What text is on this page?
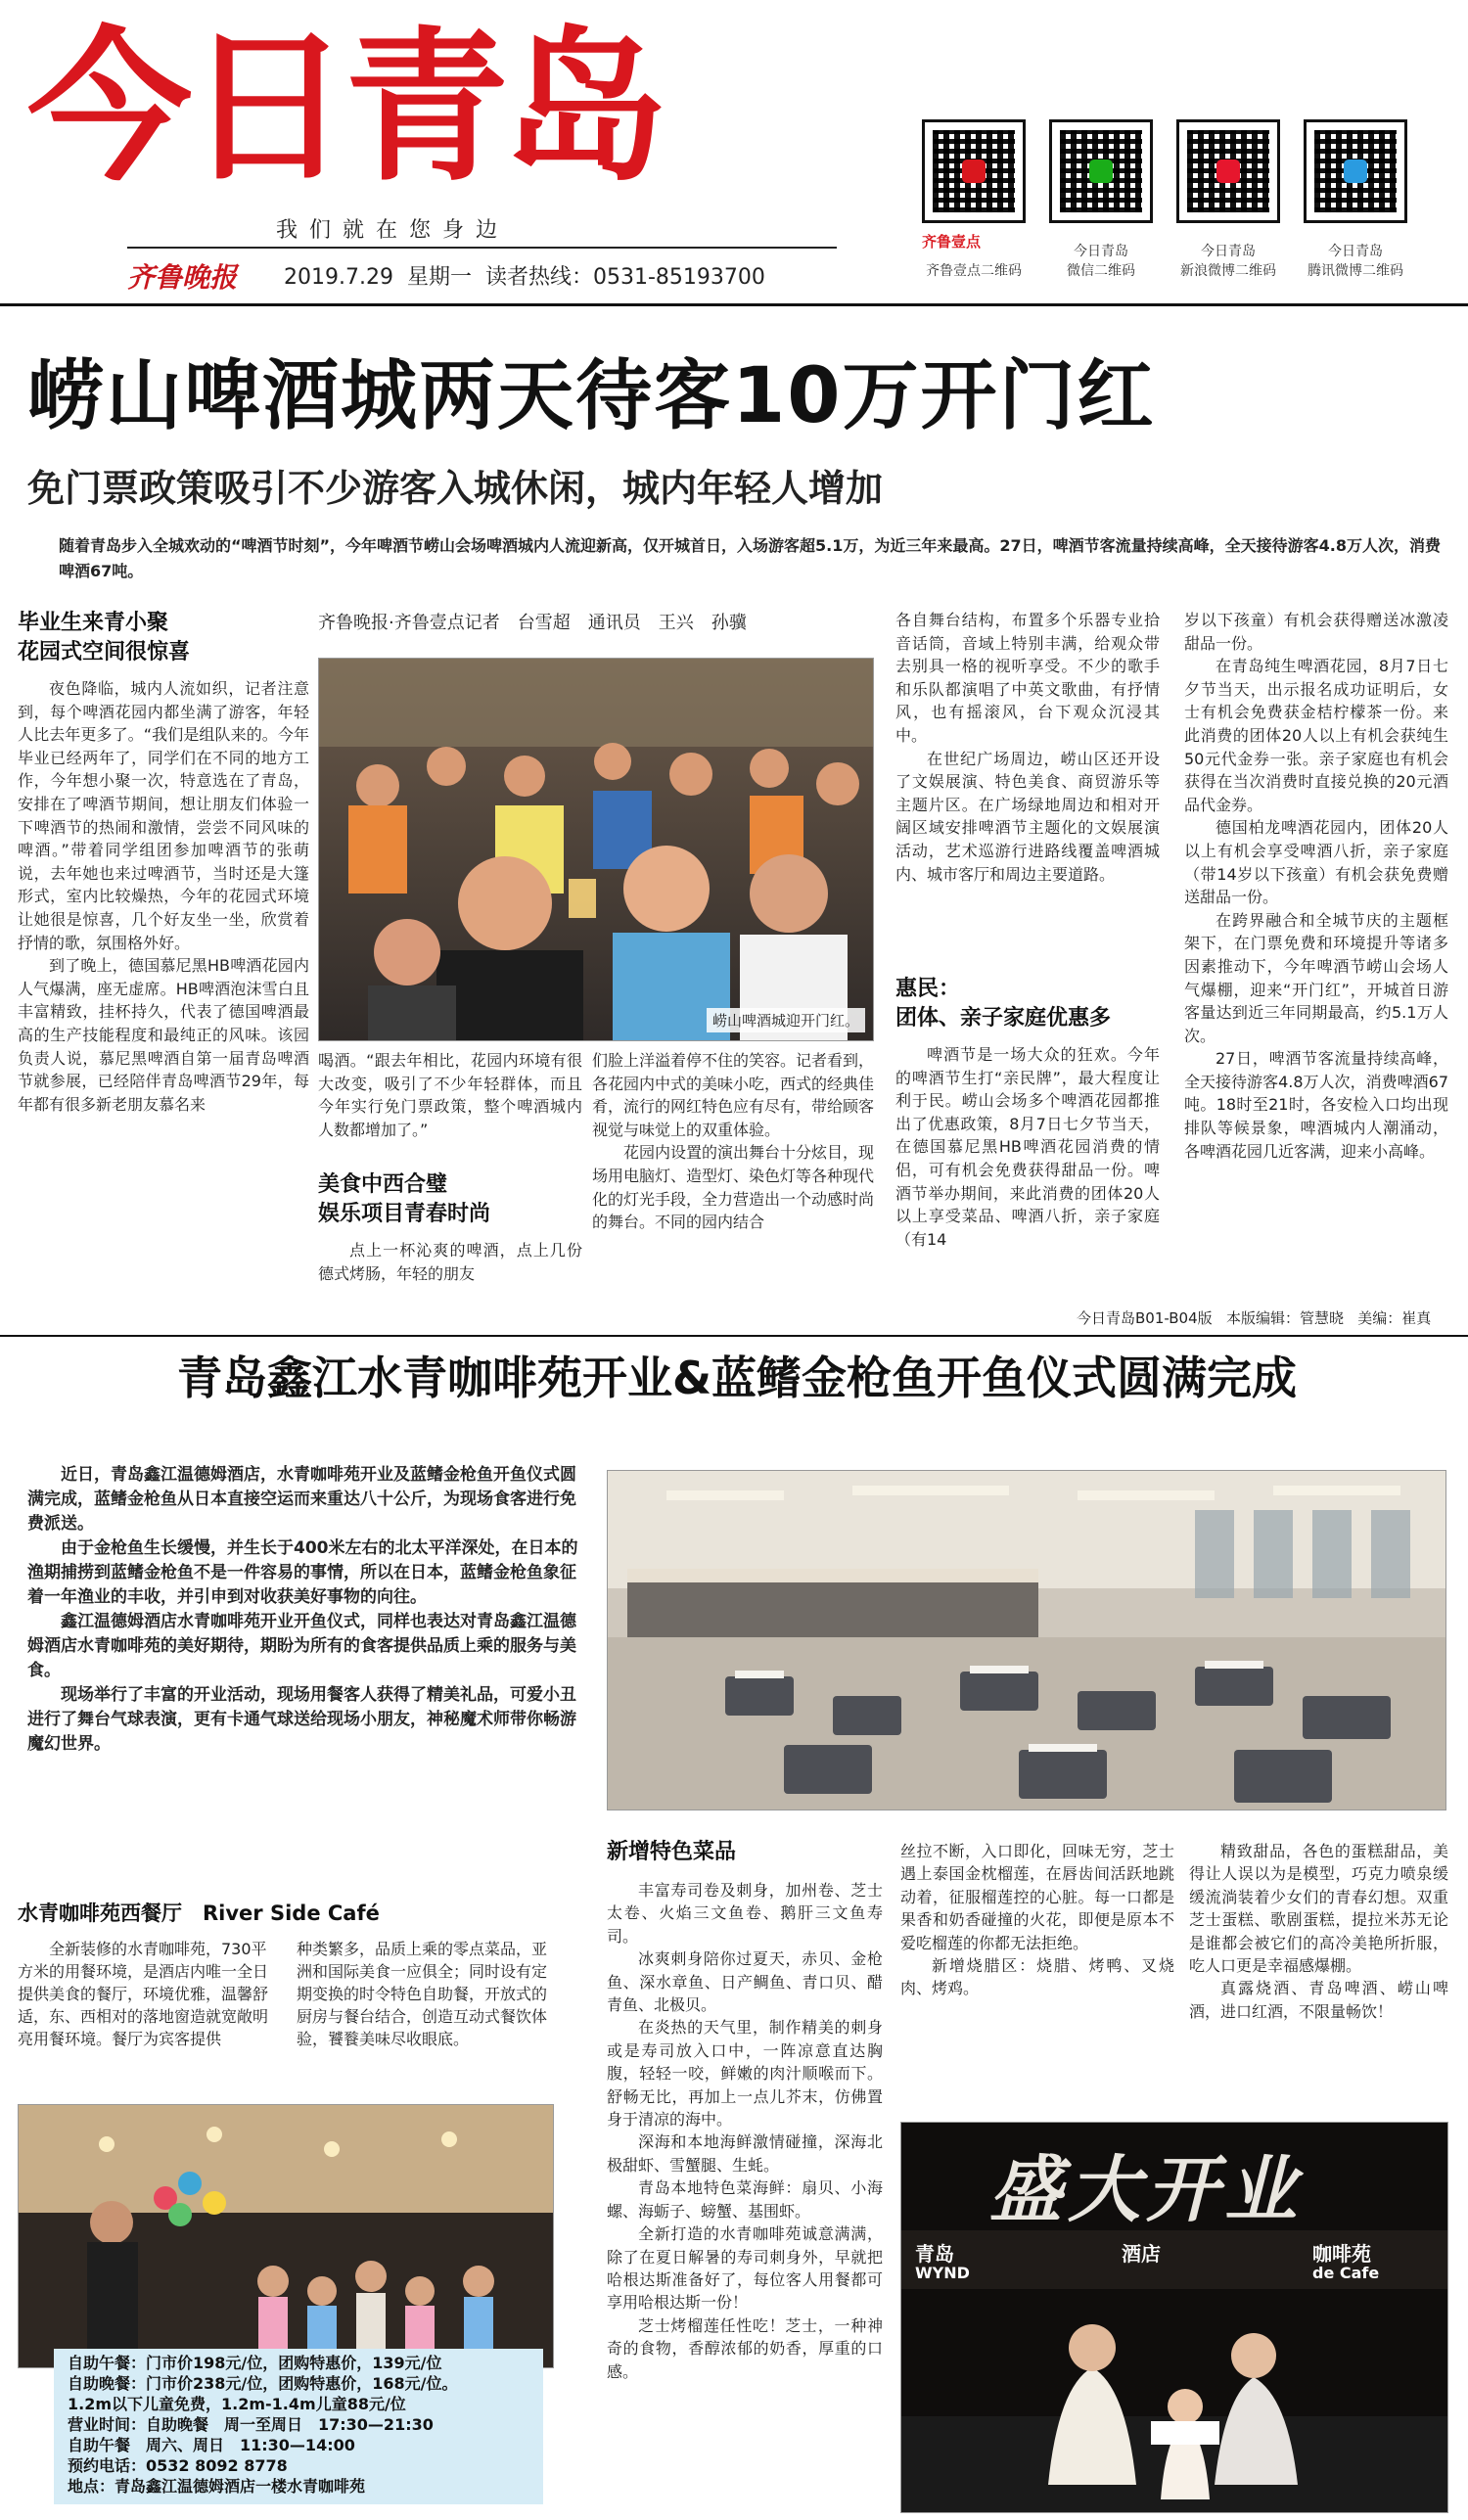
今日青岛
我们就在您身边
齐鲁晚报 2019.7.29 星期一 读者热线：0531-85193700
齐鲁壹点
齐鲁壹点二维码
今日青岛
微信二维码
今日青岛
新浪微博二维码
今日青岛
腾讯微博二维码
崂山啤酒城两天待客10万开门红
免门票政策吸引不少游客入城休闲，城内年轻人增加
随着青岛步入全城欢动的“啤酒节时刻”，今年啤酒节崂山会场啤酒城内人流迎新高，仅开城首日，入场游客超5.1万，为近三年来最高。27日，啤酒节客流量持续高峰，全天接待游客4.8万人次，消费啤酒67吨。
毕业生来青小聚
花园式空间很惊喜

夜色降临，城内人流如织，记者注意到，每个啤酒花园内都坐满了游客，年轻人比去年更多了。“我们是组队来的。今年毕业已经两年了，同学们在不同的地方工作，今年想小聚一次，特意选在了青岛，安排在了啤酒节期间，想让朋友们体验一下啤酒节的热闹和激情，尝尝不同风味的啤酒。”带着同学组团参加啤酒节的张萌说，去年她也来过啤酒节，当时还是大篷形式，室内比较燥热，今年的花园式环境让她很是惊喜，几个好友坐一坐，欣赏着抒情的歌，氛围格外好。

到了晚上，德国慕尼黑HB啤酒花园内人气爆满，座无虚席。HB啤酒泡沫雪白且丰富精致，挂杯持久，代表了德国啤酒最高的生产技能程度和最纯正的风味。该园负责人说，慕尼黑啤酒自第一届青岛啤酒节就参展，已经陪伴青岛啤酒节29年，每年都有很多新老朋友慕名来

齐鲁晚报·齐鲁壹点记者　台雪超　通讯员　王兴　孙骥
崂山啤酒城迎开门红。

喝酒。“跟去年相比，花园内环境有很大改变，吸引了不少年轻群体，而且今年实行免门票政策，整个啤酒城内人数都增加了。”

美食中西合璧
娱乐项目青春时尚

点上一杯沁爽的啤酒，点上几份德式烤肠，年轻的朋友

们脸上洋溢着停不住的笑容。记者看到，各花园内中式的美味小吃，西式的经典佳肴，流行的网红特色应有尽有，带给顾客视觉与味觉上的双重体验。

花园内设置的演出舞台十分炫目，现场用电脑灯、造型灯、染色灯等各种现代化的灯光手段，全力营造出一个动感时尚的舞台。不同的园内结合

各自舞台结构，布置多个乐器专业拾音话筒，音域上特别丰满，给观众带去别具一格的视听享受。不少的歌手和乐队都演唱了中英文歌曲，有抒情风，也有摇滚风，台下观众沉浸其中。

在世纪广场周边，崂山区还开设了文娱展演、特色美食、商贸游乐等主题片区。在广场绿地周边和相对开阔区域安排啤酒节主题化的文娱展演活动，艺术巡游行进路线覆盖啤酒城内、城市客厅和周边主要道路。

惠民：
团体、亲子家庭优惠多

啤酒节是一场大众的狂欢。今年的啤酒节生打“亲民牌”，最大程度让利于民。崂山会场多个啤酒花园都推出了优惠政策，8月7日七夕节当天，在德国慕尼黑HB啤酒花园消费的情侣，可有机会免费获得甜品一份。啤酒节举办期间，来此消费的团体20人以上享受菜品、啤酒八折，亲子家庭（有14

岁以下孩童）有机会获得赠送冰激凌甜品一份。

在青岛纯生啤酒花园，8月7日七夕节当天，出示报名成功证明后，女士有机会免费获金桔柠檬茶一份。来此消费的团体20人以上有机会获纯生50元代金券一张。亲子家庭也有机会获得在当次消费时直接兑换的20元酒品代金券。

德国柏龙啤酒花园内，团体20人以上有机会享受啤酒八折，亲子家庭（带14岁以下孩童）有机会获免费赠送甜品一份。

在跨界融合和全城节庆的主题框架下，在门票免费和环境提升等诸多因素推动下，今年啤酒节崂山会场人气爆棚，迎来“开门红”，开城首日游客量达到近三年同期最高，约5.1万人次。

27日，啤酒节客流量持续高峰，全天接待游客4.8万人次，消费啤酒67吨。18时至21时，各安检入口均出现排队等候景象，啤酒城内人潮涌动，各啤酒花园几近客满，迎来小高峰。

今日青岛B01-B04版 本版编辑：管慧晓 美编：崔真
青岛鑫江水青咖啡苑开业&蓝鳍金枪鱼开鱼仪式圆满完成

近日，青岛鑫江温德姆酒店，水青咖啡苑开业及蓝鳍金枪鱼开鱼仪式圆满完成，蓝鳍金枪鱼从日本直接空运而来重达八十公斤，为现场食客进行免费派送。

由于金枪鱼生长缓慢，并生长于400米左右的北太平洋深处，在日本的渔期捕捞到蓝鳍金枪鱼不是一件容易的事情，所以在日本，蓝鳍金枪鱼象征着一年渔业的丰收，并引申到对收获美好事物的向往。

鑫江温德姆酒店水青咖啡苑开业开鱼仪式，同样也表达对青岛鑫江温德姆酒店水青咖啡苑的美好期待，期盼为所有的食客提供品质上乘的服务与美食。

现场举行了丰富的开业活动，现场用餐客人获得了精美礼品，可爱小丑进行了舞台气球表演，更有卡通气球送给现场小朋友，神秘魔术师带你畅游魔幻世界。

水青咖啡苑西餐厅　River Side Café

全新装修的水青咖啡苑，730平方米的用餐环境，是酒店内唯一全日提供美食的餐厅，环境优雅，温馨舒适，东、西相对的落地窗造就宽敞明亮用餐环境。餐厅为宾客提供

种类繁多，品质上乘的零点菜品，亚洲和国际美食一应俱全；同时设有定期变换的时令特色自助餐，开放式的厨房与餐台结合，创造互动式餐饮体验，饕餮美味尽收眼底。

自助午餐：门市价198元/位，团购特惠价，139元/位
自助晚餐：门市价238元/位，团购特惠价，168元/位。
1.2m以下儿童免费，1.2m-1.4m儿童88元/位
营业时间：自助晚餐　周一至周日　17:30—21:30
自助午餐　周六、周日　11:30—14:00
预约电话：0532 8092 8778
地点：青岛鑫江温德姆酒店一楼水青咖啡苑
新增特色菜品

丰富寿司卷及刺身，加州卷、芝士太卷、火焰三文鱼卷、鹅肝三文鱼寿司。

冰爽刺身陪你过夏天，赤贝、金枪鱼、深水章鱼、日产鲷鱼、青口贝、醋青鱼、北极贝。

在炎热的天气里，制作精美的刺身或是寿司放入口中，一阵凉意直达胸腹，轻轻一咬，鲜嫩的肉汁顺喉而下。舒畅无比，再加上一点儿芥末，仿佛置身于清凉的海中。

深海和本地海鲜激情碰撞，深海北极甜虾、雪蟹腿、生蚝。

青岛本地特色菜海鲜：扇贝、小海螺、海蛎子、螃蟹、基围虾。

全新打造的水青咖啡苑诚意满满，除了在夏日解暑的寿司刺身外，早就把哈根达斯准备好了，每位客人用餐都可享用哈根达斯一份！

芝士烤榴莲任性吃！芝士，一种神奇的食物，香醇浓郁的奶香，厚重的口感。

丝拉不断，入口即化，回味无穷，芝士遇上泰国金枕榴莲，在唇齿间活跃地跳动着，征服榴莲控的心脏。每一口都是果香和奶香碰撞的火花，即便是原本不爱吃榴莲的你都无法拒绝。

新增烧腊区：烧腊、烤鸭、叉烧肉、烤鸡。

精致甜品，各色的蛋糕甜品，美得让人误以为是模型，巧克力喷泉缓缓流淌装着少女们的青春幻想。双重芝士蛋糕、歌剧蛋糕，提拉米苏无论是谁都会被它们的高冷美艳所折服，吃人口更是幸福感爆棚。

真露烧酒、青岛啤酒、崂山啤酒，进口红酒，不限量畅饮！

盛大开业
青岛	酒店	咖啡苑
WYND	de Cafe
